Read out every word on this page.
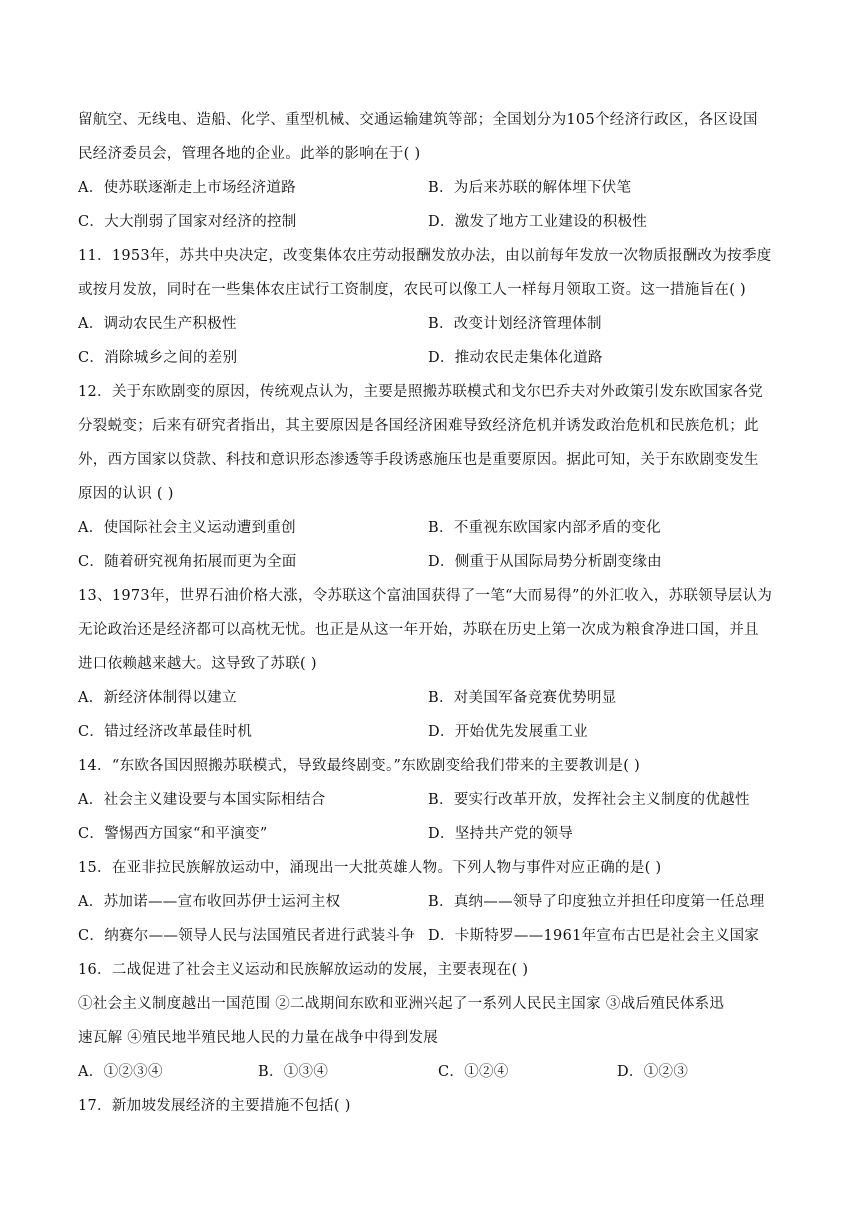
留航空、无线电、造船、化学、重型机械、交通运输建筑等部；全国划分为105个经济行政区，各区设国
民经济委员会，管理各地的企业。此举的影响在于( )
A．使苏联逐渐走上市场经济道路	B．为后来苏联的解体埋下伏笔
C．大大削弱了国家对经济的控制	D．激发了地方工业建设的积极性
11．1953年，苏共中央决定，改变集体农庄劳动报酬发放办法，由以前每年发放一次物质报酬改为按季度
或按月发放，同时在一些集体农庄试行工资制度，农民可以像工人一样每月领取工资。这一措施旨在( )
A．调动农民生产积极性	B．改变计划经济管理体制
C．消除城乡之间的差别	D．推动农民走集体化道路
12．关于东欧剧变的原因，传统观点认为，主要是照搬苏联模式和戈尔巴乔夫对外政策引发东欧国家各党
分裂蜕变；后来有研究者指出，其主要原因是各国经济困难导致经济危机并诱发政治危机和民族危机；此
外，西方国家以贷款、科技和意识形态渗透等手段诱惑施压也是重要原因。据此可知，关于东欧剧变发生
原因的认识 ( )
A．使国际社会主义运动遭到重创	B．不重视东欧国家内部矛盾的变化
C．随着研究视角拓展而更为全面	D．侧重于从国际局势分析剧变缘由
13、1973年，世界石油价格大涨，令苏联这个富油国获得了一笔“大而易得”的外汇收入，苏联领导层认为
无论政治还是经济都可以高枕无忧。也正是从这一年开始，苏联在历史上第一次成为粮食净进口国，并且
进口依赖越来越大。这导致了苏联( )
A．新经济体制得以建立	B．对美国军备竞赛优势明显
C．错过经济改革最佳时机	D．开始优先发展重工业
14．“东欧各国因照搬苏联模式，导致最终剧变。”东欧剧变给我们带来的主要教训是( )
A．社会主义建设要与本国实际相结合	B．要实行改革开放，发挥社会主义制度的优越性
C．警惕西方国家“和平演变”	D．坚持共产党的领导
15．在亚非拉民族解放运动中，涌现出一大批英雄人物。下列人物与事件对应正确的是( )
A．苏加诺——宣布收回苏伊士运河主权	B．真纳——领导了印度独立并担任印度第一任总理
C．纳赛尔——领导人民与法国殖民者进行武装斗争 D．卡斯特罗——1961年宣布古巴是社会主义国家
16．二战促进了社会主义运动和民族解放运动的发展，主要表现在( )
①社会主义制度越出一国范围 ②二战期间东欧和亚洲兴起了一系列人民民主国家 ③战后殖民体系迅
速瓦解 ④殖民地半殖民地人民的力量在战争中得到发展
A．①②③④	B．①③④	C．①②④	D．①②③
17．新加坡发展经济的主要措施不包括( )
